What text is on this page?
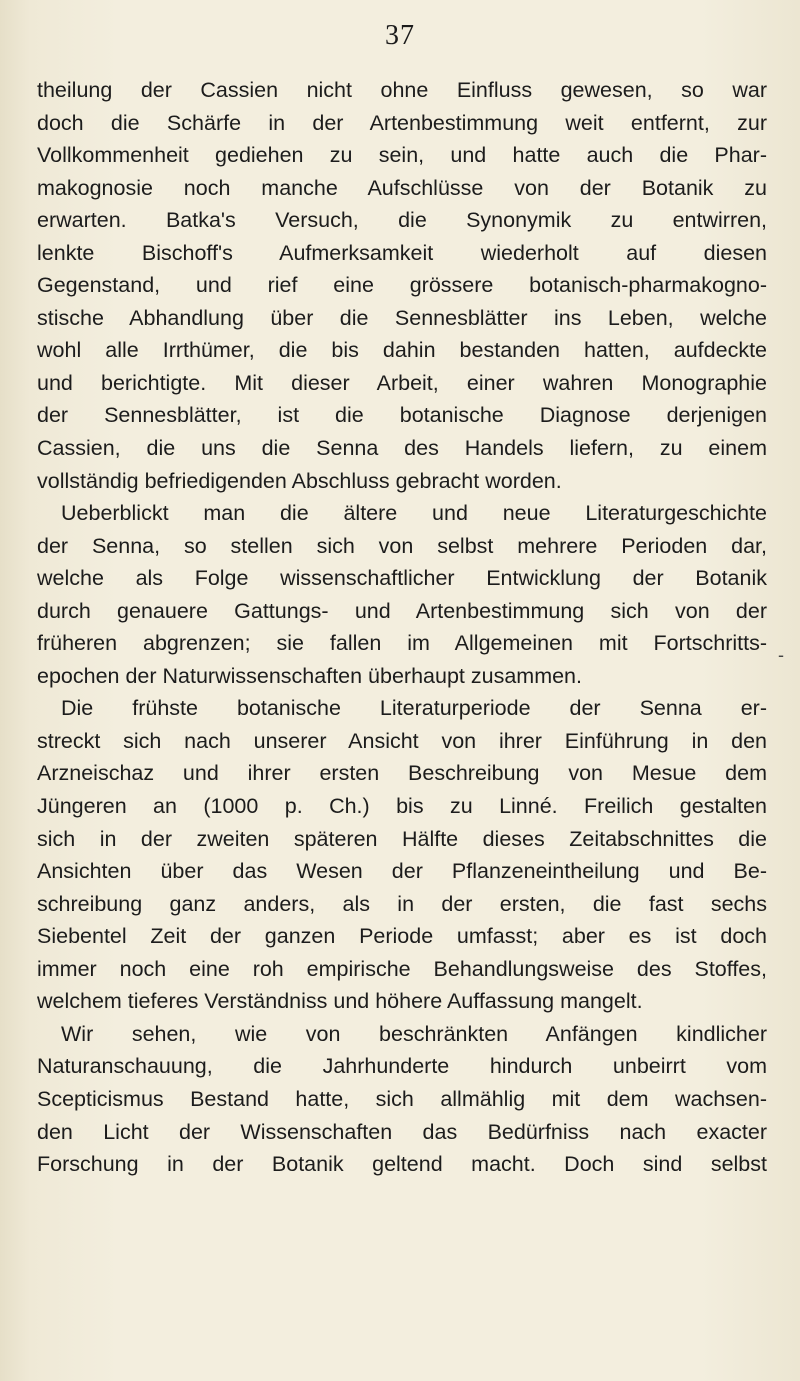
37
theilung der Cassien nicht ohne Einfluss gewesen, so war
doch die Schärfe in der Artenbestimmung weit entfernt, zur
Vollkommenheit gediehen zu sein, und hatte auch die Phar-
makognosie noch manche Aufschlüsse von der Botanik zu
erwarten. Batka's Versuch, die Synonymik zu entwirren,
lenkte Bischoff's Aufmerksamkeit wiederholt auf diesen
Gegenstand, und rief eine grössere botanisch-pharmakogno-
stische Abhandlung über die Sennesblätter ins Leben, welche
wohl alle Irrthümer, die bis dahin bestanden hatten, aufdeckte
und berichtigte. Mit dieser Arbeit, einer wahren Monographie
der Sennesblätter, ist die botanische Diagnose derjenigen
Cassien, die uns die Senna des Handels liefern, zu einem
vollständig befriedigenden Abschluss gebracht worden.
Ueberblickt man die ältere und neue Literaturgeschichte
der Senna, so stellen sich von selbst mehrere Perioden dar,
welche als Folge wissenschaftlicher Entwicklung der Botanik
durch genauere Gattungs- und Artenbestimmung sich von der
früheren abgrenzen; sie fallen im Allgemeinen mit Fortschritts-
epochen der Naturwissenschaften überhaupt zusammen.
Die frühste botanische Literaturperiode der Senna er-
streckt sich nach unserer Ansicht von ihrer Einführung in den
Arzneischaz und ihrer ersten Beschreibung von Mesue dem
Jüngeren an (1000 p. Ch.) bis zu Linné. Freilich gestalten
sich in der zweiten späteren Hälfte dieses Zeitabschnittes die
Ansichten über das Wesen der Pflanzeneintheilung und Be-
schreibung ganz anders, als in der ersten, die fast sechs
Siebentel Zeit der ganzen Periode umfasst; aber es ist doch
immer noch eine roh empirische Behandlungsweise des Stoffes,
welchem tieferes Verständniss und höhere Auffassung mangelt.
Wir sehen, wie von beschränkten Anfängen kindlicher
Naturanschauung, die Jahrhunderte hindurch unbeirrt vom
Scepticismus Bestand hatte, sich allmählig mit dem wachsen-
den Licht der Wissenschaften das Bedürfniss nach exacter
Forschung in der Botanik geltend macht. Doch sind selbst
-
